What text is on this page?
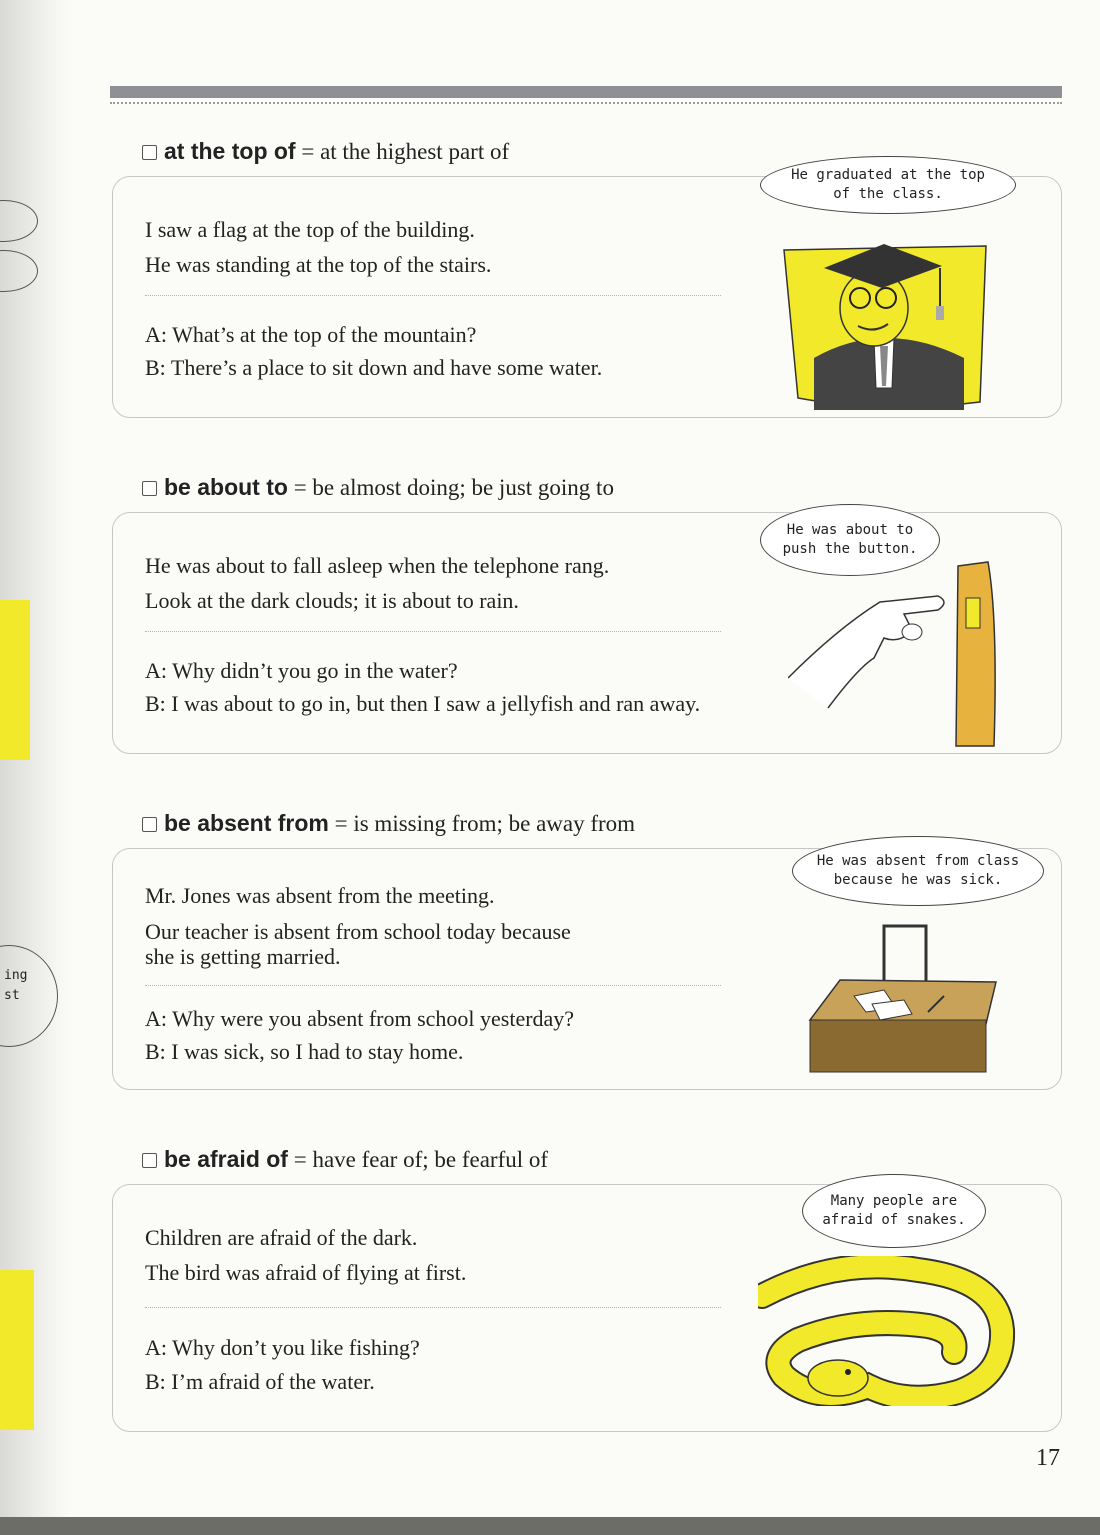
ing
st
at the top of = at the highest part of
I saw a flag at the top of the building.
He was standing at the top of the stairs.
A: What’s at the top of the mountain?
B: There’s a place to sit down and have some water.
He graduated at the top
of the class.
be about to = be almost doing; be just going to
He was about to fall asleep when the telephone rang.
Look at the dark clouds; it is about to rain.
A: Why didn’t you go in the water?
B: I was about to go in, but then I saw a jellyfish and ran away.
He was about to
push the button.
be absent from = is missing from; be away from
Mr. Jones was absent from the meeting.
Our teacher is absent from school today because
she is getting married.
A: Why were you absent from school yesterday?
B: I was sick, so I had to stay home.
He was absent from class
because he was sick.
be afraid of = have fear of; be fearful of
Children are afraid of the dark.
The bird was afraid of flying at first.
A: Why don’t you like fishing?
B: I’m afraid of the water.
Many people are
afraid of snakes.
17
